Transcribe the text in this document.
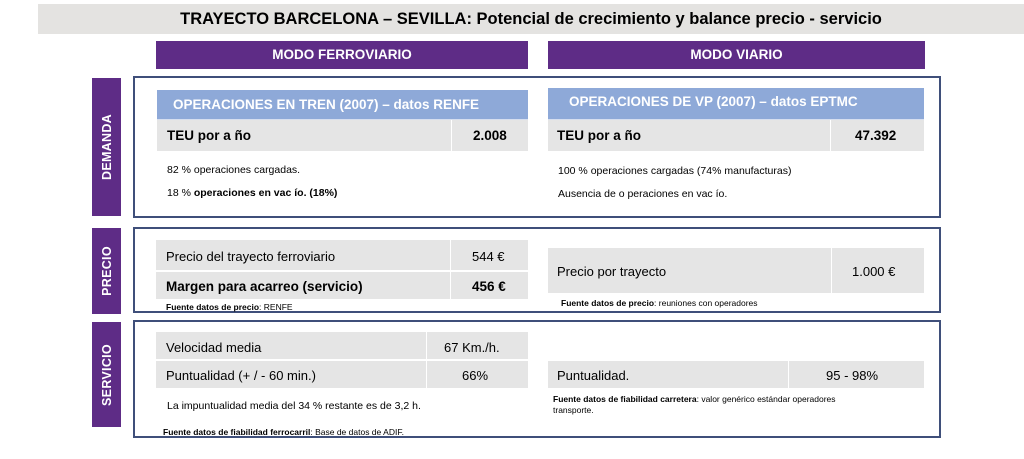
TRAYECTO BARCELONA – SEVILLA: Potencial de crecimiento y balance precio - servicio
MODO FERROVIARIO	MODO VIARIO
DEMANDA
PRECIO
SERVICIO
OPERACIONES EN TREN (2007) – datos RENFE
TEU por a ño	2.008
82 % operaciones cargadas.
18 % operaciones en vac ío. (18%)
OPERACIONES DE VP (2007) – datos EPTMC
TEU por a ño	47.392
100 % operaciones cargadas (74% manufacturas)
Ausencia de o peraciones en vac ío.
Precio del trayecto ferroviario	544 €
Margen para acarreo (servicio)	456 €
Fuente datos de precio: RENFE
Precio por trayecto	1.000 €
Fuente datos de precio: reuniones con operadores
Velocidad media	67 Km./h.
Puntualidad (+ / - 60 min.)	66%
La impuntualidad media del 34 % restante es de 3,2 h.
Fuente datos de fiabilidad ferrocarril: Base de datos de ADIF.
Puntualidad.	95 - 98%
Fuente datos de fiabilidad carretera: valor genérico estándar operadores
transporte.
